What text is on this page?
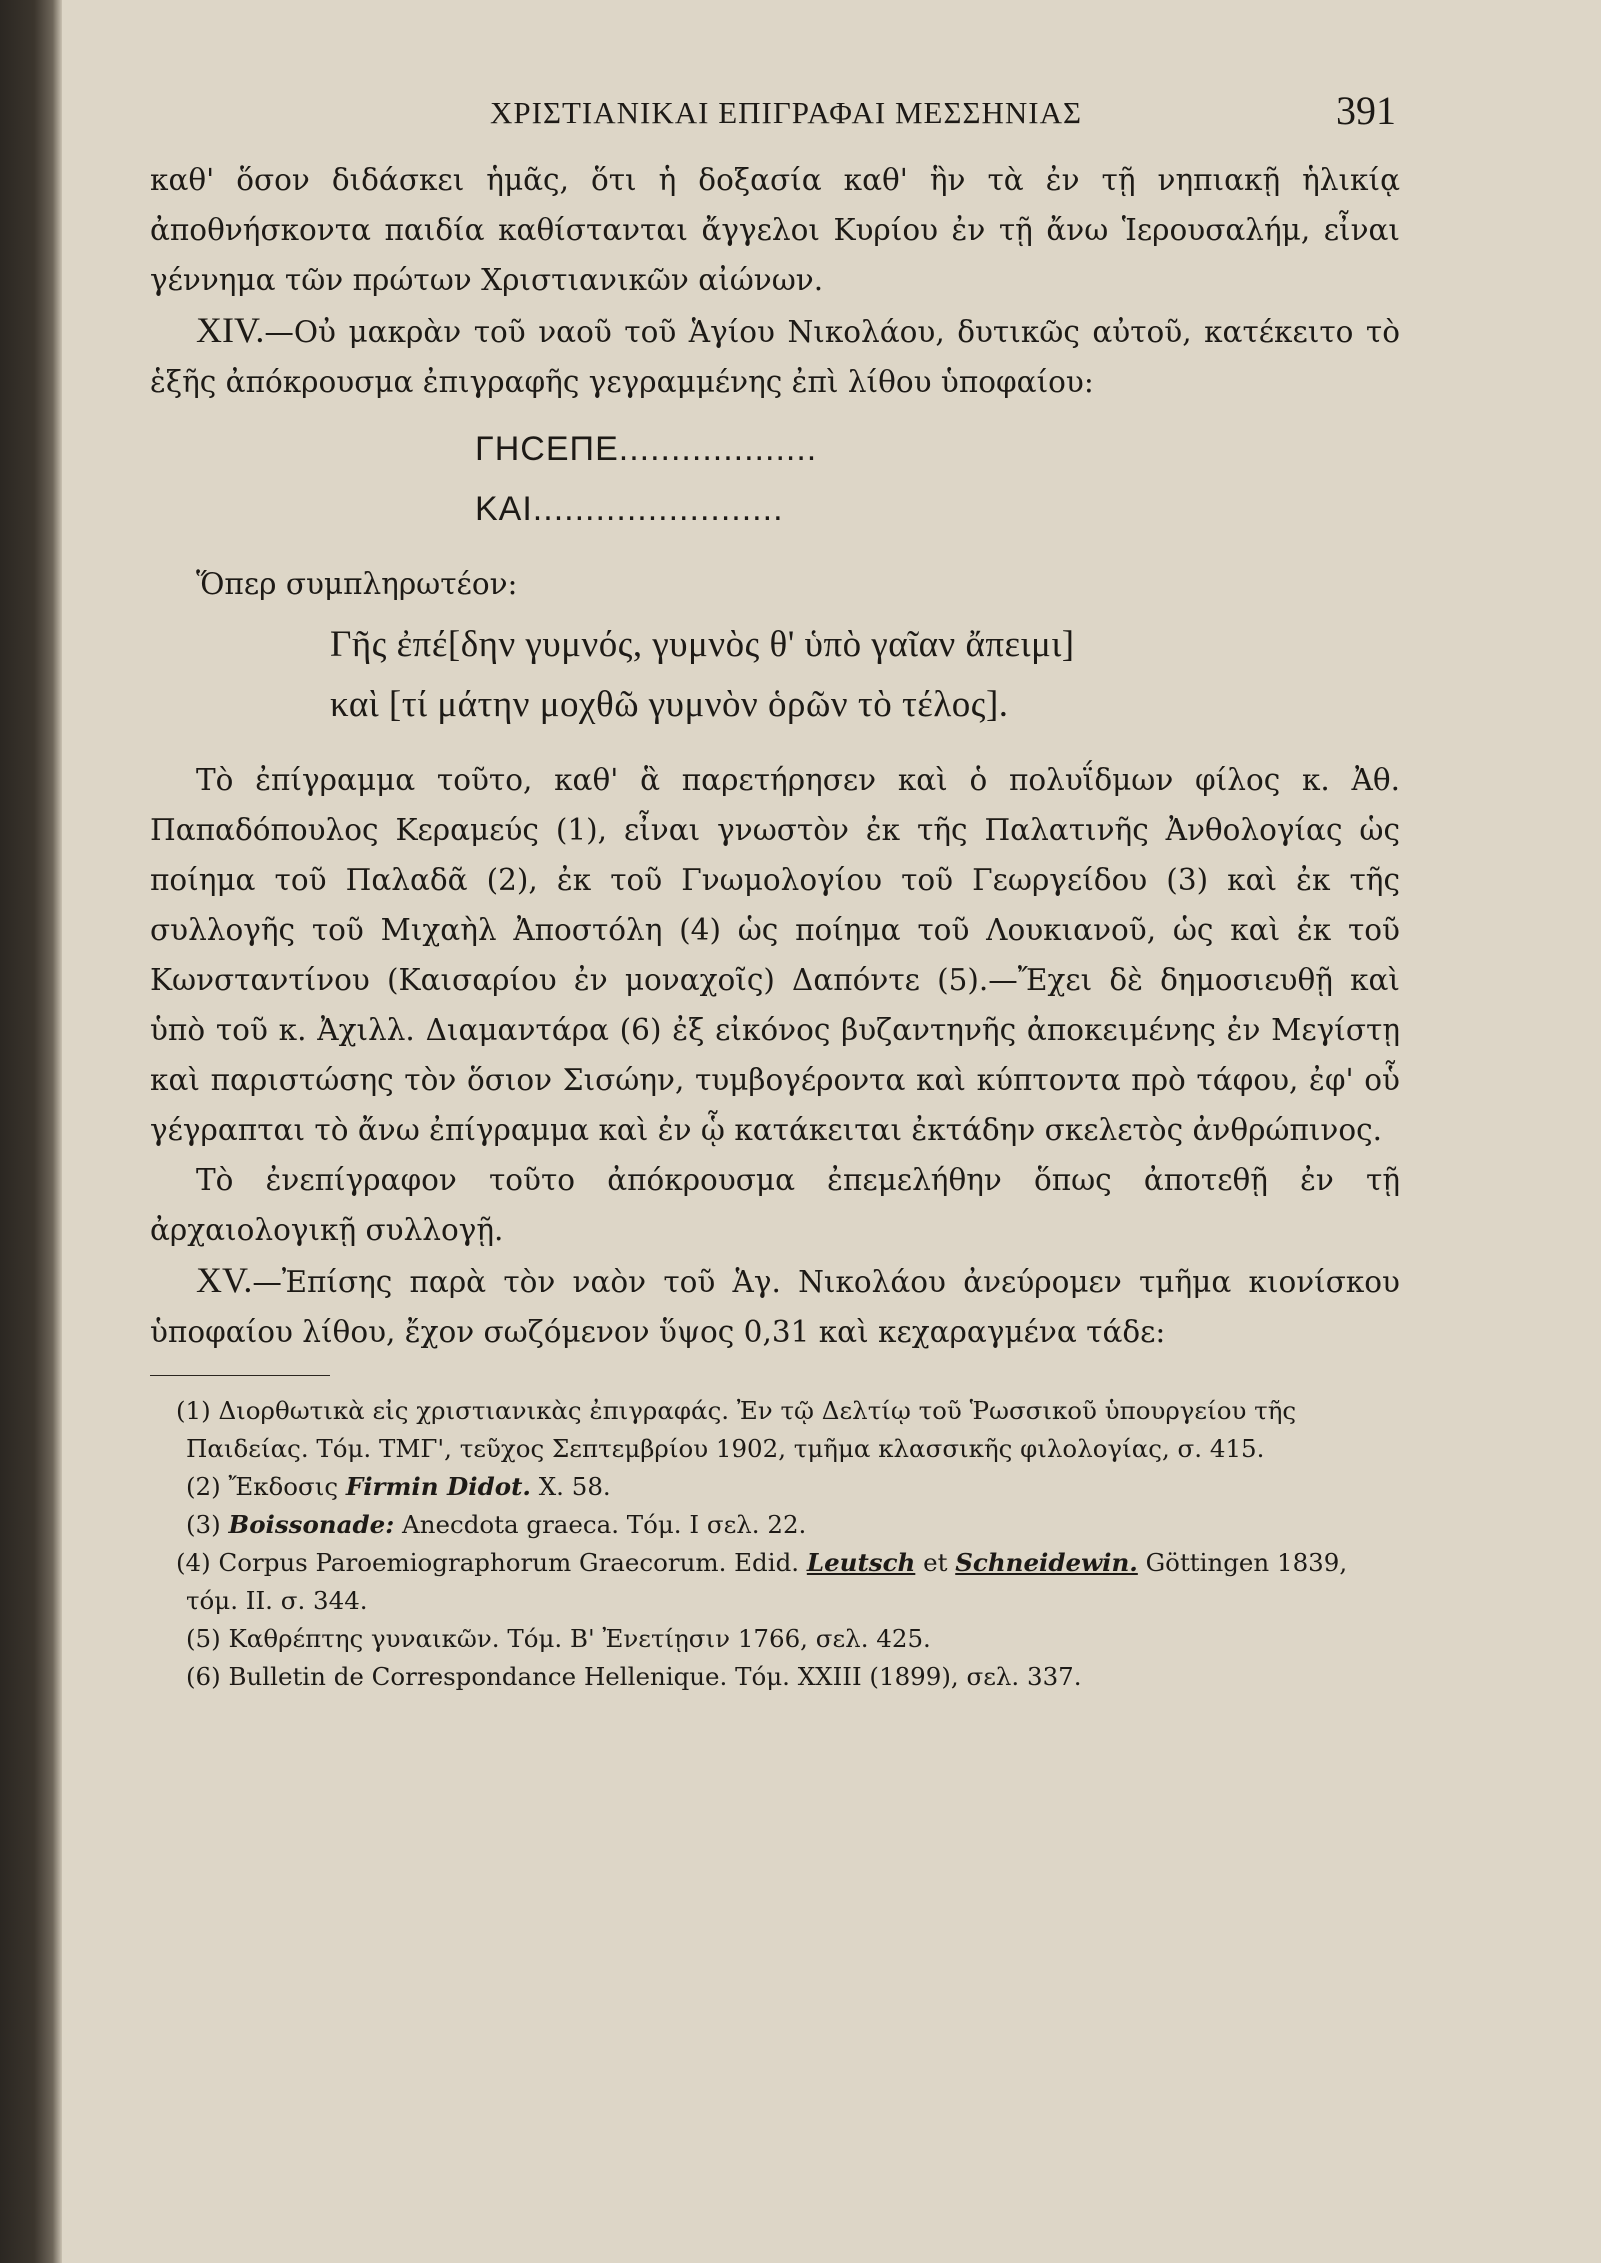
ΧΡΙΣΤΙΑΝΙΚΑΙ ΕΠΙΓΡΑΦΑΙ ΜΕΣΣΗΝΙΑΣ	391

καθ' ὅσον διδάσκει ἡμᾶς, ὅτι ἡ δοξασία καθ' ἣν τὰ ἐν τῇ νηπιακῇ ἡλικίᾳ ἀποθνήσκοντα παιδία καθίστανται ἄγγελοι Κυρίου ἐν τῇ ἄνω Ἱερουσαλήμ, εἶναι γέννημα τῶν πρώτων Χριστιανικῶν αἰώνων.

XIV.—Οὐ μακρὰν τοῦ ναοῦ τοῦ Ἁγίου Νικολάου, δυτικῶς αὐτοῦ, κατέκειτο τὸ ἑξῆς ἀπόκρουσμα ἐπιγραφῆς γεγραμμένης ἐπὶ λίθου ὑποφαίου:

ΓΗϹΕΠΕ...................
ΚΑΙ........................

Ὅπερ συμπληρωτέον:

Γῆς ἐπέ[δην γυμνός, γυμνὸς θ' ὑπὸ γαῖαν ἄπειμι]
καὶ [τί μάτην μοχθῶ γυμνὸν ὁρῶν τὸ τέλος].

Τὸ ἐπίγραμμα τοῦτο, καθ' ἃ παρετήρησεν καὶ ὁ πολυΐδμων φίλος κ. Ἀθ. Παπαδόπουλος Κεραμεύς (1), εἶναι γνωστὸν ἐκ τῆς Παλατινῆς Ἀνθολογίας ὡς ποίημα τοῦ Παλαδᾶ (2), ἐκ τοῦ Γνωμολογίου τοῦ Γεωργείδου (3) καὶ ἐκ τῆς συλλογῆς τοῦ Μιχαὴλ Ἀποστόλη (4) ὡς ποίημα τοῦ Λουκιανοῦ, ὡς καὶ ἐκ τοῦ Κωνσταντίνου (Καισαρίου ἐν μοναχοῖς) Δαπόντε (5).—Ἔχει δὲ δημοσιευθῇ καὶ ὑπὸ τοῦ κ. Ἀχιλλ. Διαμαντάρα (6) ἐξ εἰκόνος βυζαντηνῆς ἀποκειμένης ἐν Μεγίστῃ καὶ παριστώσης τὸν ὅσιον Σισώην, τυμβογέροντα καὶ κύπτοντα πρὸ τάφου, ἐφ' οὗ γέγραπται τὸ ἄνω ἐπίγραμμα καὶ ἐν ᾧ κατάκειται ἐκτάδην σκελετὸς ἀνθρώπινος.

Τὸ ἐνεπίγραφον τοῦτο ἀπόκρουσμα ἐπεμελήθην ὅπως ἀποτεθῇ ἐν τῇ ἀρχαιολογικῇ συλλογῇ.

XV.—Ἐπίσης παρὰ τὸν ναὸν τοῦ Ἁγ. Νικολάου ἀνεύρομεν τμῆμα κιονίσκου ὑποφαίου λίθου, ἔχον σωζόμενον ὕψος 0,31 καὶ κεχαραγμένα τάδε:

(1) Διορθωτικὰ εἰς χριστιανικὰς ἐπιγραφάς. Ἐν τῷ Δελτίῳ τοῦ Ῥωσσικοῦ ὑπουργείου τῆς Παιδείας. Τόμ. ΤΜΓ', τεῦχος Σεπτεμβρίου 1902, τμῆμα κλασσικῆς φιλολογίας, σ. 415.

(2) Ἔκδοσις Firmin Didot. X. 58.

(3) Boissonade: Anecdota graeca. Τόμ. I σελ. 22.

(4) Corpus Paroemiographorum Graecorum. Edid. Leutsch et Schneidewin. Göttingen 1839, τόμ. II. σ. 344.

(5) Καθρέπτης γυναικῶν. Τόμ. Β' Ἐνετίῃσιν 1766, σελ. 425.

(6) Bulletin de Correspondance Hellenique. Τόμ. XXIII (1899), σελ. 337.
